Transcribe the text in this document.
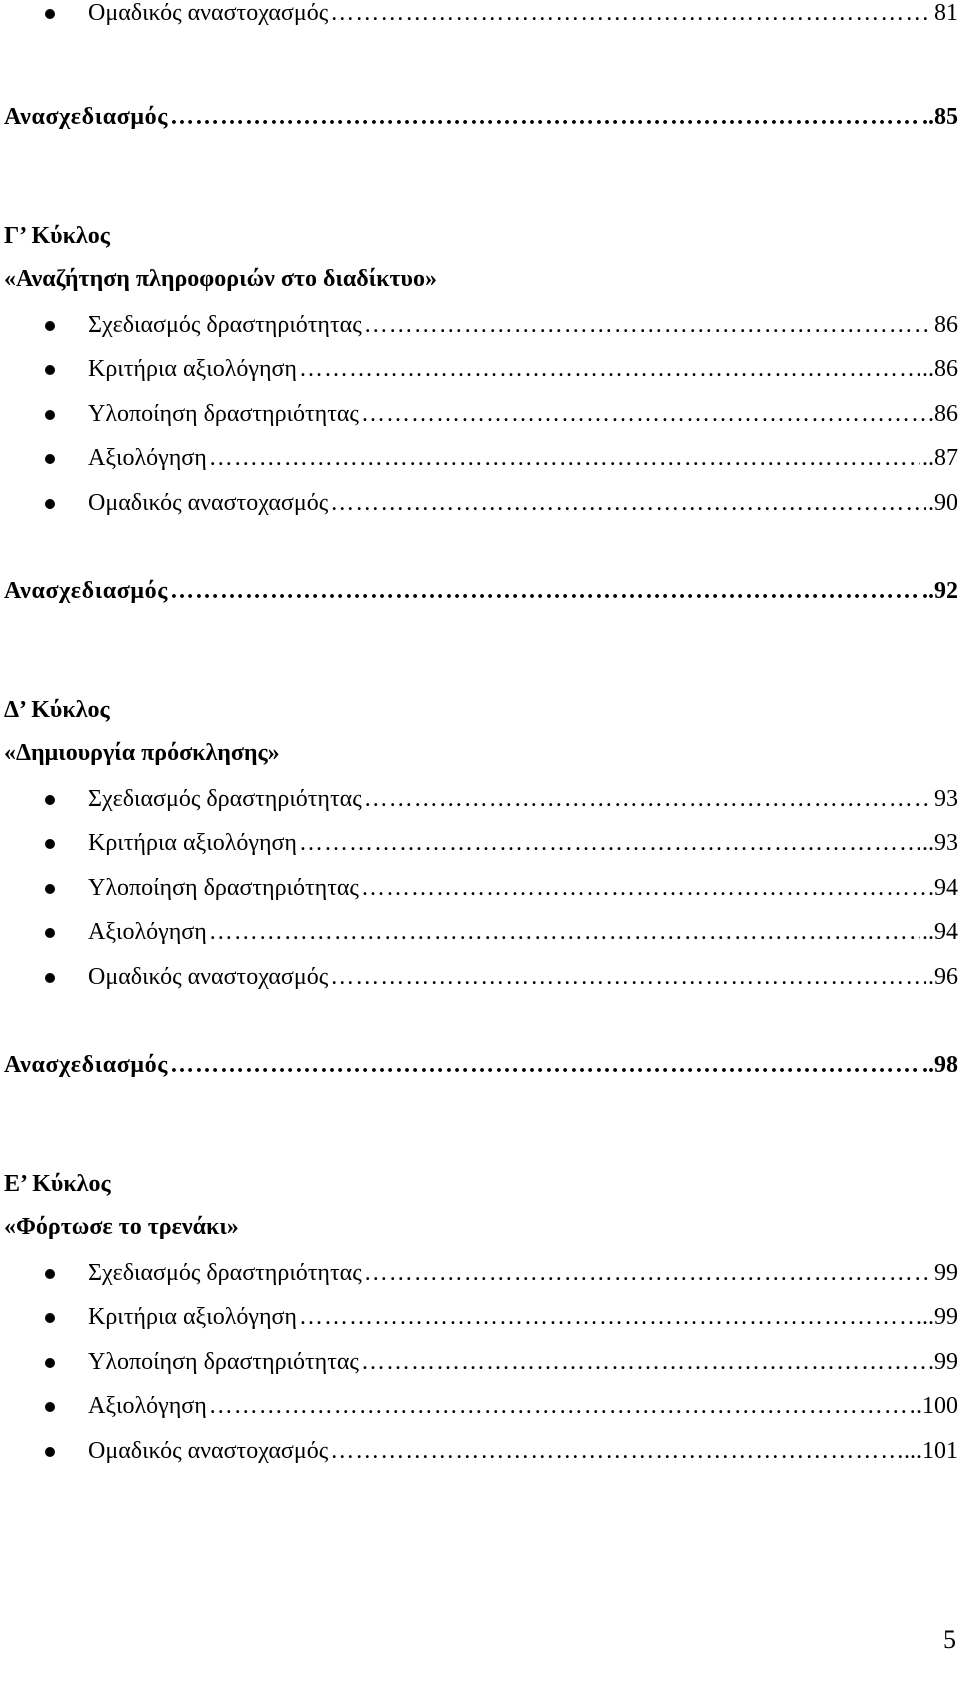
Ομαδικός αναστοχασμός …………………………………………………………………………………………………………………………………………………………………………………………	81
Ανασχεδιασμός …………………………………………………………………………………………………………………………………………………………………………………………	..85
Γ’ Κύκλος
«Αναζήτηση πληροφοριών στο διαδίκτυο»
Σχεδιασμός δραστηριότητας …………………………………………………………………………………………………………………………………………………………………………………………	86
Κριτήρια αξιολόγηση …………………………………………………………………………………………………………………………………………………………………………………………	..86
Υλοποίηση δραστηριότητας …………………………………………………………………………………………………………………………………………………………………………………………	.86
Αξιολόγηση …………………………………………………………………………………………………………………………………………………………………………………………	..87
Ομαδικός αναστοχασμός …………………………………………………………………………………………………………………………………………………………………………………………	.90
Ανασχεδιασμός …………………………………………………………………………………………………………………………………………………………………………………………	..92
Δ’ Κύκλος
«Δημιουργία πρόσκλησης»
Σχεδιασμός δραστηριότητας …………………………………………………………………………………………………………………………………………………………………………………………	93
Κριτήρια αξιολόγηση …………………………………………………………………………………………………………………………………………………………………………………………	..93
Υλοποίηση δραστηριότητας …………………………………………………………………………………………………………………………………………………………………………………………	.94
Αξιολόγηση …………………………………………………………………………………………………………………………………………………………………………………………	..94
Ομαδικός αναστοχασμός …………………………………………………………………………………………………………………………………………………………………………………………	.96
Ανασχεδιασμός …………………………………………………………………………………………………………………………………………………………………………………………	..98
Ε’ Κύκλος
«Φόρτωσε το τρενάκι»
Σχεδιασμός δραστηριότητας …………………………………………………………………………………………………………………………………………………………………………………………	99
Κριτήρια αξιολόγηση …………………………………………………………………………………………………………………………………………………………………………………………	...99
Υλοποίηση δραστηριότητας …………………………………………………………………………………………………………………………………………………………………………………………	.99
Αξιολόγηση …………………………………………………………………………………………………………………………………………………………………………………………	.100
Ομαδικός αναστοχασμός …………………………………………………………………………………………………………………………………………………………………………………………	...101
5
